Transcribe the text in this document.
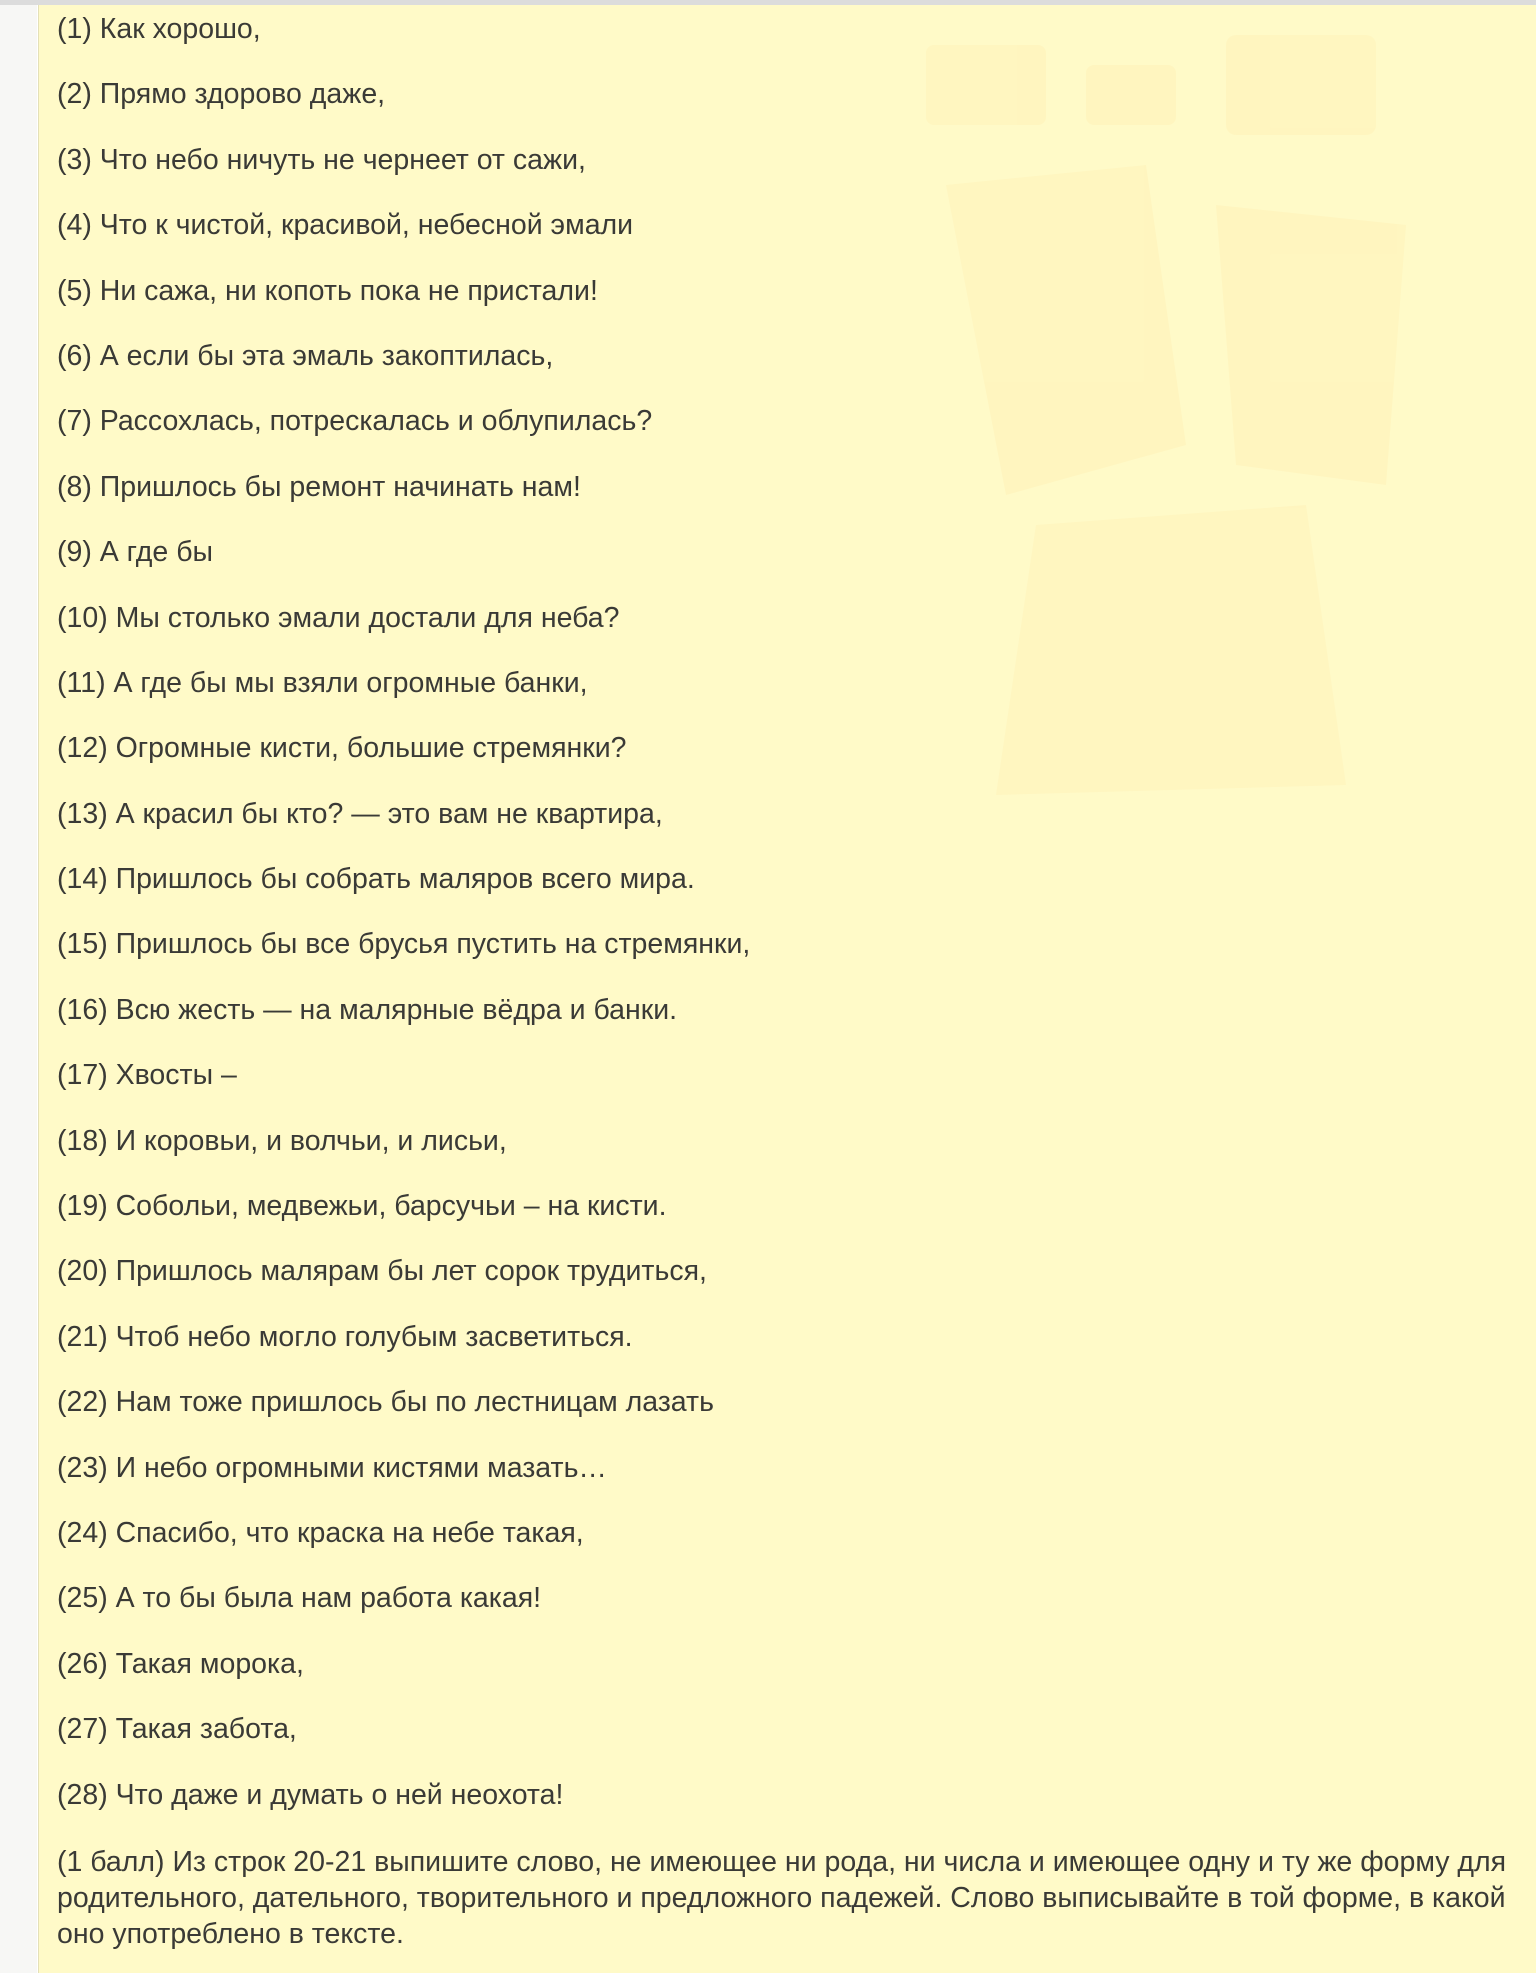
(1) Как хорошо,
(2) Прямо здорово даже,
(3) Что небо ничуть не чернеет от сажи,
(4) Что к чистой, красивой, небесной эмали
(5) Ни сажа, ни копоть пока не пристали!
(6) А если бы эта эмаль закоптилась,
(7) Рассохлась, потрескалась и облупилась?
(8) Пришлось бы ремонт начинать нам!
(9) А где бы
(10) Мы столько эмали достали для неба?
(11) А где бы мы взяли огромные банки,
(12) Огромные кисти, большие стремянки?
(13) А красил бы кто? — это вам не квартира,
(14) Пришлось бы собрать маляров всего мира.
(15) Пришлось бы все брусья пустить на стремянки,
(16) Всю жесть — на малярные вёдра и банки.
(17) Хвосты –
(18) И коровьи, и волчьи, и лисьи,
(19) Собольи, медвежьи, барсучьи – на кисти.
(20) Пришлось малярам бы лет сорок трудиться,
(21) Чтоб небо могло голубым засветиться.
(22) Нам тоже пришлось бы по лестницам лазать
(23) И небо огромными кистями мазать…
(24) Спасибо, что краска на небе такая,
(25) А то бы была нам работа какая!
(26) Такая морока,
(27) Такая забота,
(28) Что даже и думать о ней неохота!

(1 балл) Из строк 20-21 выпишите слово, не имеющее ни рода, ни числа и имеющее одну и ту же форму для родительного, дательного, творительного и предложного падежей. Слово выписывайте в той форме, в какой оно употреблено в тексте.
